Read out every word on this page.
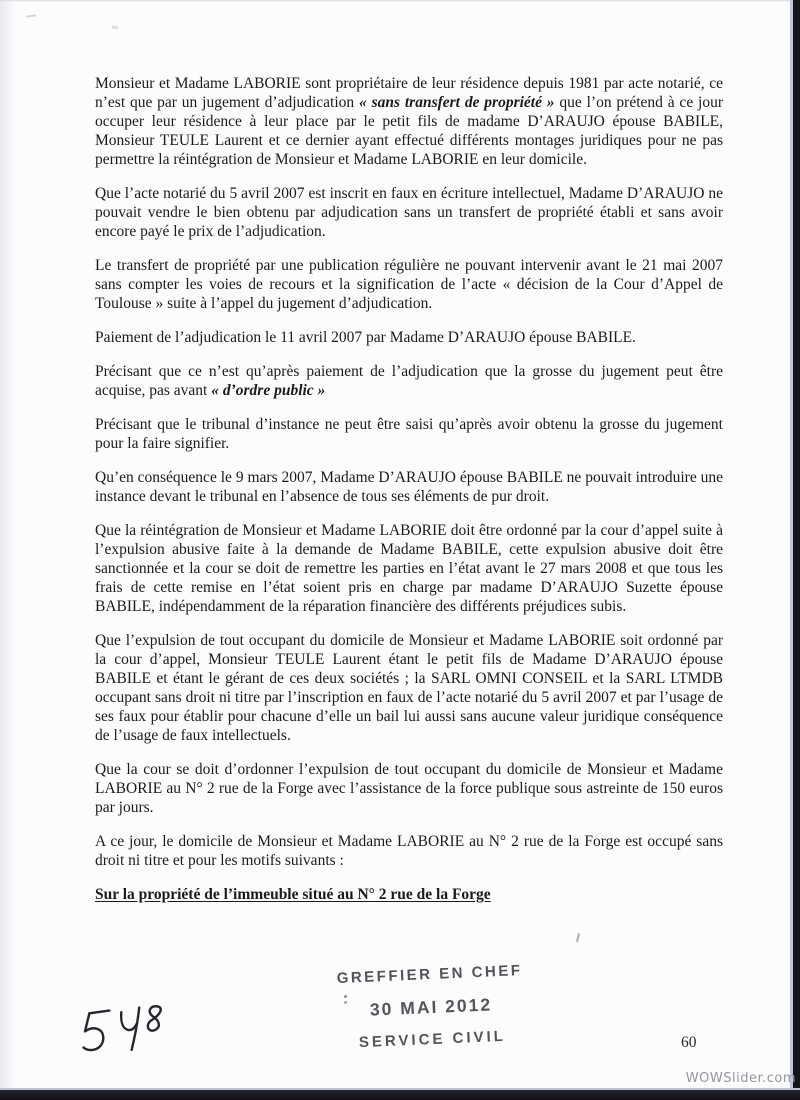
Monsieur et Madame LABORIE sont propriétaire de leur résidence depuis 1981 par acte notarié, ce n’est que par un jugement d’adjudication « sans transfert de propriété » que l’on prétend à ce jour occuper leur résidence à leur place par le petit fils de madame D’ARAUJO épouse BABILE, Monsieur TEULE Laurent et ce dernier ayant effectué différents montages juridiques pour ne pas permettre la réintégration de Monsieur et Madame LABORIE en leur domicile.

Que l’acte notarié du 5 avril 2007 est inscrit en faux en écriture intellectuel, Madame D’ARAUJO ne pouvait vendre le bien obtenu par adjudication sans un transfert de propriété établi et sans avoir encore payé le prix de l’adjudication.

Le transfert de propriété par une publication régulière ne pouvant intervenir avant le 21 mai 2007 sans compter les voies de recours et la signification de l’acte « décision de la Cour d’Appel de Toulouse » suite à l’appel du jugement d’adjudication.

Paiement de l’adjudication le 11 avril 2007 par Madame D’ARAUJO épouse BABILE.

Précisant que ce n’est qu’après paiement de l’adjudication que la grosse du jugement peut être acquise, pas avant « d’ordre public »

Précisant que le tribunal d’instance ne peut être saisi qu’après avoir obtenu la grosse du jugement pour la faire signifier.

Qu’en conséquence le 9 mars 2007, Madame D’ARAUJO épouse BABILE ne pouvait introduire une instance devant le tribunal en l’absence de tous ses éléments de pur droit.

Que la réintégration de Monsieur et Madame LABORIE doit être ordonné par la cour d’appel suite à l’expulsion abusive faite à la demande de Madame BABILE, cette expulsion abusive doit être sanctionnée et la cour se doit de remettre les parties en l’état avant le 27 mars 2008 et que tous les frais de cette remise en l’état soient pris en charge par madame D’ARAUJO Suzette épouse BABILE, indépendamment de la réparation financière des différents préjudices subis.

Que l’expulsion de tout occupant du domicile de Monsieur et Madame LABORIE soit ordonné par la cour d’appel, Monsieur TEULE Laurent étant le petit fils de Madame D’ARAUJO épouse BABILE et étant le gérant de ces deux sociétés ; la SARL OMNI CONSEIL et la SARL LTMDB occupant sans droit ni titre par l’inscription en faux de l’acte notarié du 5 avril 2007 et par l’usage de ses faux pour établir pour chacune d’elle un bail lui aussi sans aucune valeur juridique conséquence de l’usage de faux intellectuels.

Que la cour se doit d’ordonner l’expulsion de tout occupant du domicile de Monsieur et Madame LABORIE au N° 2 rue de la Forge avec l’assistance de la force publique sous astreinte de 150 euros par jours.

A ce jour, le domicile de Monsieur et Madame LABORIE au N° 2 rue de la Forge est occupé sans droit ni titre et pour les motifs suivants :

Sur la propriété de l’immeuble situé au N° 2 rue de la Forge
GREFFIER EN CHEF
30 MAI 2012
SERVICE CIVIL	60
WOWSlider.com
